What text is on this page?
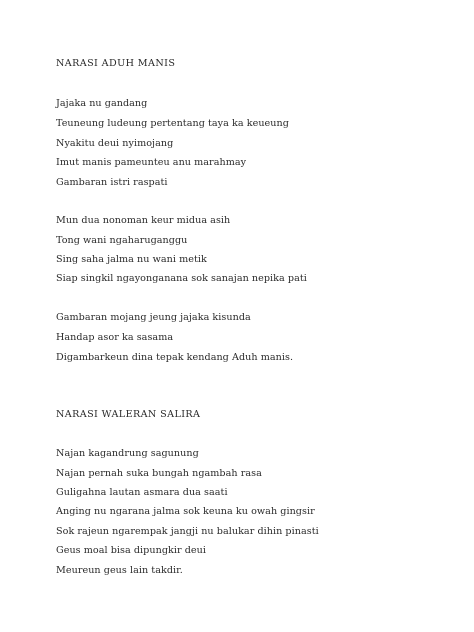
NARASI ADUH MANIS
Jajaka nu gandang
Teuneung ludeung pertentang taya ka keueung
Nyakitu deui nyimojang
Imut manis pameunteu anu marahmay
Gambaran istri raspati
Mun dua nonoman keur midua asih
Tong wani ngaharuganggu
Sing saha jalma nu wani metik
Siap singkil ngayonganana sok sanajan nepika pati
Gambaran mojang jeung jajaka kisunda
Handap asor ka sasama
Digambarkeun dina tepak kendang Aduh manis.
NARASI WALERAN SALIRA
Najan kagandrung sagunung
Najan pernah suka bungah ngambah rasa
Guligahna lautan asmara dua saati
Anging nu ngarana jalma sok keuna ku owah gingsir
Sok rajeun ngarempak jangji nu balukar dihin pinasti
Geus moal bisa dipungkir deui
Meureun geus lain takdir.
